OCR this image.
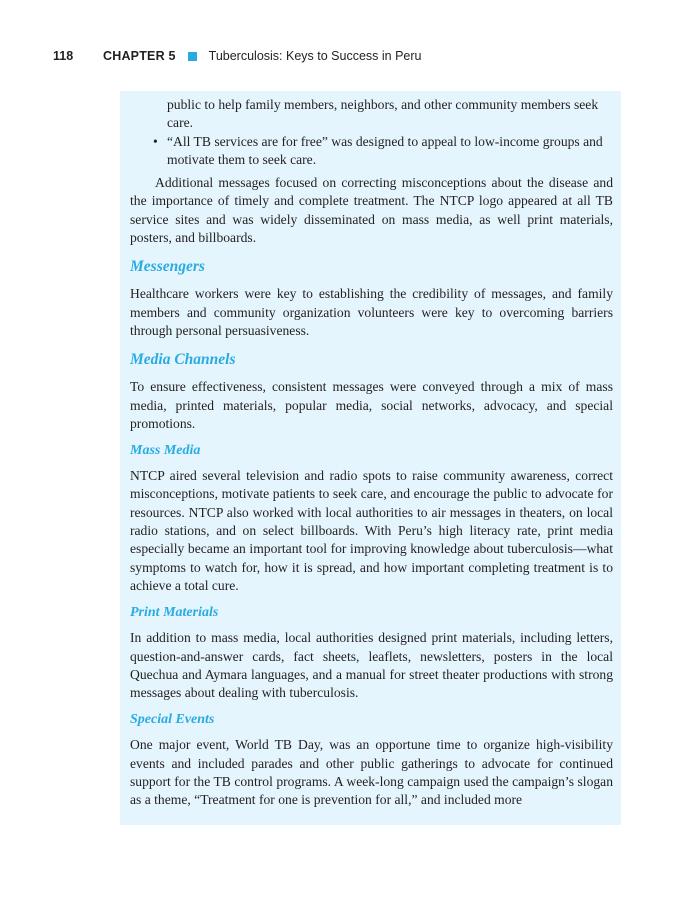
118	CHAPTER 5	Tuberculosis: Keys to Success in Peru

public to help family members, neighbors, and other community members seek care.

• “All TB services are for free” was designed to appeal to low-income groups and motivate them to seek care.

Additional messages focused on correcting misconceptions about the disease and the importance of timely and complete treatment. The NTCP logo appeared at all TB service sites and was widely disseminated on mass media, as well print materials, posters, and billboards.

Messengers

Healthcare workers were key to establishing the credibility of messages, and family members and community organization volunteers were key to overcoming barriers through personal persuasiveness.

Media Channels

To ensure effectiveness, consistent messages were conveyed through a mix of mass media, printed materials, popular media, social networks, advocacy, and special promotions.

Mass Media

NTCP aired several television and radio spots to raise community awareness, correct misconceptions, motivate patients to seek care, and encourage the public to advocate for resources. NTCP also worked with local authorities to air messages in theaters, on local radio stations, and on select billboards. With Peru’s high literacy rate, print media especially became an important tool for improving knowledge about tuberculosis—what symptoms to watch for, how it is spread, and how important completing treatment is to achieve a total cure.

Print Materials

In addition to mass media, local authorities designed print materials, including letters, question-and-answer cards, fact sheets, leaflets, newsletters, posters in the local Quechua and Aymara languages, and a manual for street theater productions with strong messages about dealing with tuberculosis.

Special Events

One major event, World TB Day, was an opportune time to organize high-visibility events and included parades and other public gatherings to advocate for continued support for the TB control programs. A week-long campaign used the campaign’s slogan as a theme, “Treatment for one is prevention for all,” and included more
